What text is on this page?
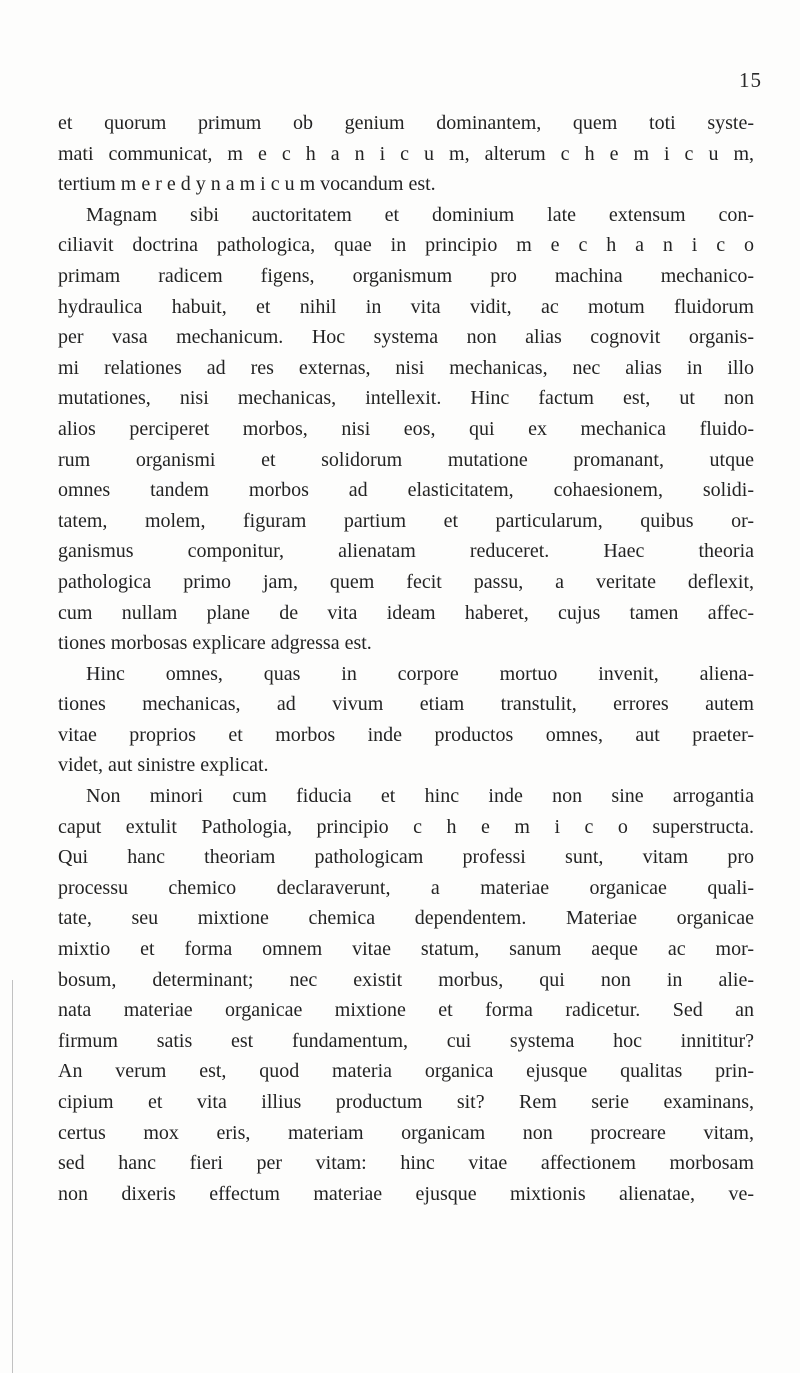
15
et quorum primum ob genium dominantem, quem toti syste-
mati communicat, m e c h a n i c u m, alterum c h e m i c u m,
tertium m e r e d y n a m i c u m vocandum est.
Magnam sibi auctoritatem et dominium late extensum con-
ciliavit doctrina pathologica, quae in principio m e c h a n i c o
primam radicem figens, organismum pro machina mechanico-
hydraulica habuit, et nihil in vita vidit, ac motum fluidorum
per vasa mechanicum. Hoc systema non alias cognovit organis-
mi relationes ad res externas, nisi mechanicas, nec alias in illo
mutationes, nisi mechanicas, intellexit. Hinc factum est, ut non
alios perciperet morbos, nisi eos, qui ex mechanica fluido-
rum organismi et solidorum mutatione promanant, utque
omnes tandem morbos ad elasticitatem, cohaesionem, solidi-
tatem, molem, figuram partium et particularum, quibus or-
ganismus componitur, alienatam reduceret. Haec theoria
pathologica primo jam, quem fecit passu, a veritate deflexit,
cum nullam plane de vita ideam haberet, cujus tamen affec-
tiones morbosas explicare adgressa est.
Hinc omnes, quas in corpore mortuo invenit, aliena-
tiones mechanicas, ad vivum etiam transtulit, errores autem
vitae proprios et morbos inde productos omnes, aut praeter-
videt, aut sinistre explicat.
Non minori cum fiducia et hinc inde non sine arrogantia
caput extulit Pathologia, principio c h e m i c o superstructa.
Qui hanc theoriam pathologicam professi sunt, vitam pro
processu chemico declaraverunt, a materiae organicae quali-
tate, seu mixtione chemica dependentem. Materiae organicae
mixtio et forma omnem vitae statum, sanum aeque ac mor-
bosum, determinant; nec existit morbus, qui non in alie-
nata materiae organicae mixtione et forma radicetur. Sed an
firmum satis est fundamentum, cui systema hoc innititur?
An verum est, quod materia organica ejusque qualitas prin-
cipium et vita illius productum sit? Rem serie examinans,
certus mox eris, materiam organicam non procreare vitam,
sed hanc fieri per vitam: hinc vitae affectionem morbosam
non dixeris effectum materiae ejusque mixtionis alienatae, ve-
